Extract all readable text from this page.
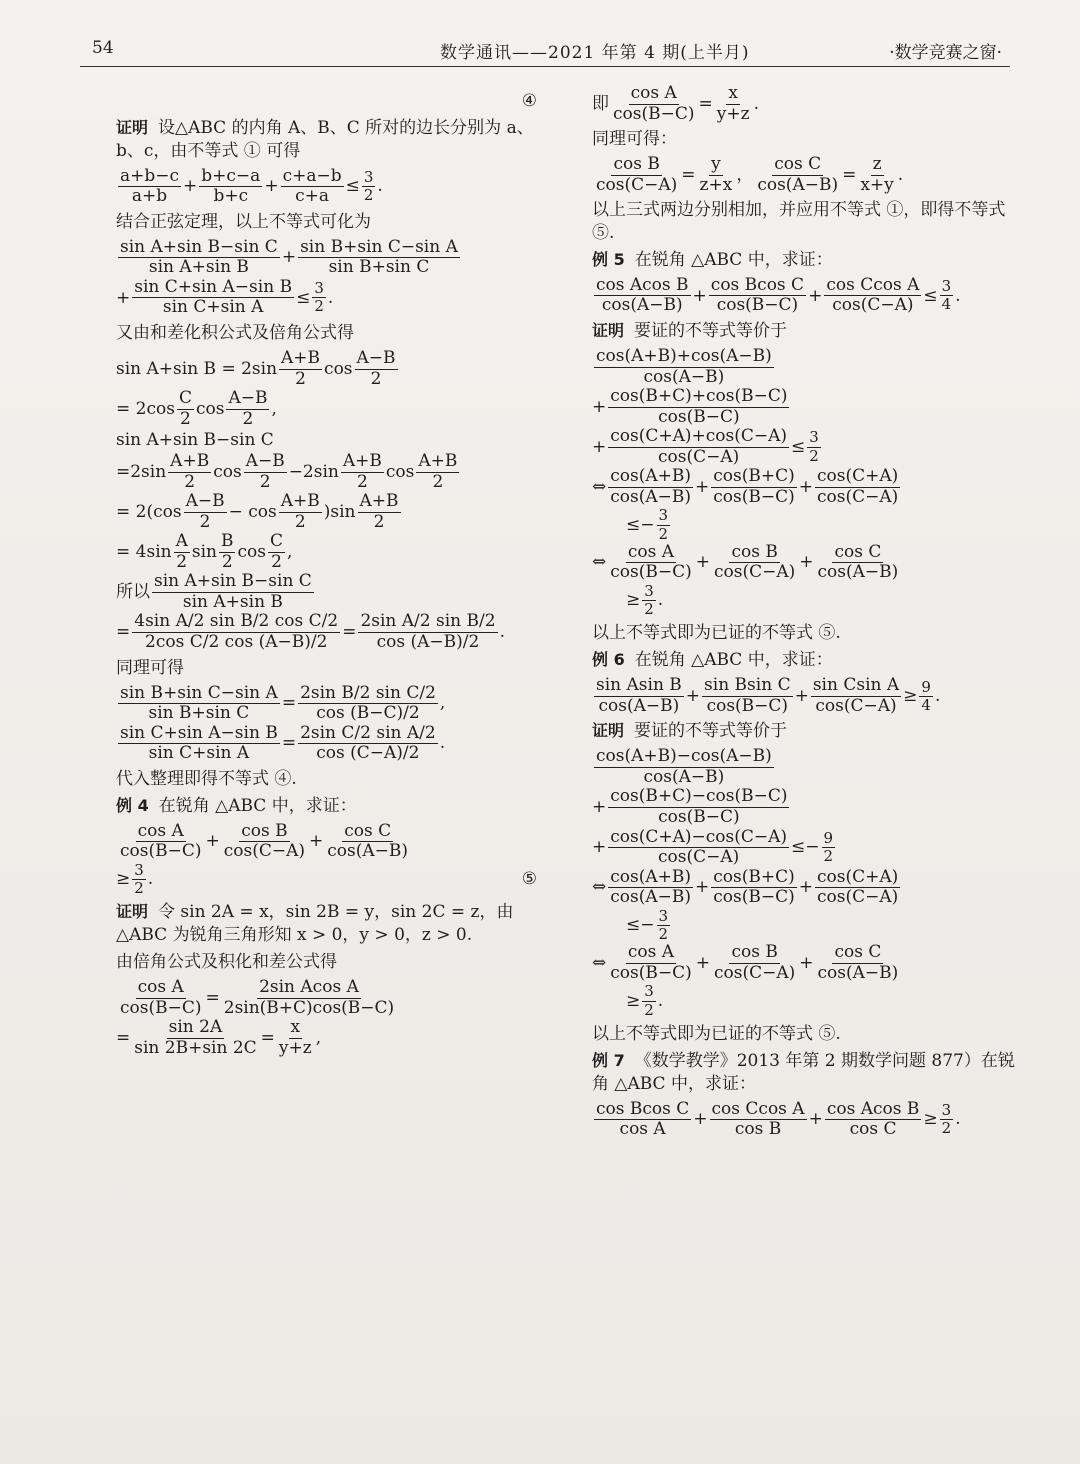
54	数学通讯——2021 年第 4 期(上半月)	·数学竞赛之窗·
④
证明 设△ABC 的内角 A、B、C 所对的边长分别为 a、b、c，由不等式 ① 可得
$\frac{a+b-c}{a+b} + \frac{b+c-a}{b+c} + \frac{c+a-b}{c+a} \le \frac{3}{2}$ .
结合正弦定理，以上不等式可化为
$\frac{\text{sin A+sin B−sin C}}{\text{sin A+sin B}} + \frac{\text{sin B+sin C−sin A}}{\text{sin B+sin C}}$
+ $\frac{\text{sin C+sin A−sin B}}{\text{sin C+sin A}} \le \frac{3}{2}$ .
又由和差化积公式及倍角公式得
sin A+sin $B = 2\sin \frac{A+B}{2}$ $\cos \frac{A-B}{2}$
= $2\cos \frac{C}{2}$ $\cos \frac{A-B}{2}$ ,
sin A+sin B−sin C
$=2\sin \frac{A+B}{2}$ $\cos \frac{A-B}{2} -2\sin \frac{A+B}{2}$ $\cos \frac{A+B}{2}$
= $2(\cos \frac{A-B}{2} - \cos \frac{A+B}{2} )\sin \frac{A+B}{2}$
= $4\sin \frac{A}{2}$ $\sin \frac{B}{2}$ $\cos \frac{C}{2}$ ,
所以 $\frac{\text{sin A+sin B−sin C}}{\text{sin A+sin B}}$
= $\frac{\text{4sin A/2 sin B/2 cos C/2}}{\text{2cos C/2 cos (A−B)/2}} = \frac{\text{2sin A/2 sin B/2}}{\cos (A-B)/2}$ .
同理可得
$\frac{\text{sin B+sin C−sin A}}{\text{sin B+sin C}} = \frac{\text{2sin B/2 sin C/2}}{\cos (B-C)/2}$ ,
$\frac{\text{sin C+sin A−sin B}}{\text{sin C+sin A}} = \frac{\text{2sin C/2 sin A/2}}{\cos (C-A)/2}$ .
代入整理即得不等式 ④.
例 4 在锐角 △ABC 中，求证：
$\frac{\text{cos A}}{\cos(B-C)} + \frac{\text{cos B}}{\cos(C-A)} + \frac{\text{cos C}}{\cos(A-B)}$
≥ $\frac{3}{2}$ .	⑤
证明 令 sin 2A = x，sin 2B = y，sin 2C = z，由 △ABC 为锐角三角形知 x > 0，y > 0，z > 0.
由倍角公式及积化和差公式得
$\frac{\text{cos A}}{\cos(B-C)} = \frac{\text{2sin Acos A}}{2\sin(B+C)\cos(B-C)}$
= $\frac{\sin 2A}{\sin 2B+\sin 2C} = \frac{x}{y+z}$ ,
即 $\frac{\text{cos A}}{\cos(B-C)} = \frac{x}{y+z}$ .
同理可得：
$\frac{\text{cos B}}{\cos(C-A)} = \frac{y}{z+x}$ ， $\frac{\text{cos C}}{\cos(A-B)} = \frac{z}{x+y}$ .
以上三式两边分别相加，并应用不等式 ①，即得不等式 ⑤.
例 5 在锐角 △ABC 中，求证：
$\frac{\text{cos Acos B}}{\cos(A-B)} + \frac{\text{cos Bcos C}}{\cos(B-C)} + \frac{\text{cos Ccos A}}{\cos(C-A)} \le \frac{3}{4}$ .
证明 要证的不等式等价于
$\frac{\cos(A+B)+\cos(A-B)}{\cos(A-B)}$
+ $\frac{\cos(B+C)+\cos(B-C)}{\cos(B-C)}$
+ $\frac{\cos(C+A)+\cos(C-A)}{\cos(C-A)} \le \frac{3}{2}$
⇔ $\frac{\cos(A+B)}{\cos(A-B)} + \frac{\cos(B+C)}{\cos(B-C)} + \frac{\cos(C+A)}{\cos(C-A)}$
≤− $\frac{3}{2}$
⇔ $\frac{\text{cos A}}{\cos(B-C)} + \frac{\text{cos B}}{\cos(C-A)} + \frac{\text{cos C}}{\cos(A-B)}$
≥ $\frac{3}{2}$ .
以上不等式即为已证的不等式 ⑤.
例 6 在锐角 △ABC 中，求证：
$\frac{\text{sin Asin B}}{\cos(A-B)} + \frac{\text{sin Bsin C}}{\cos(B-C)} + \frac{\text{sin Csin A}}{\cos(C-A)} \ge \frac{9}{4}$ .
证明 要证的不等式等价于
$\frac{\cos(A+B)-\cos(A-B)}{\cos(A-B)}$
+ $\frac{\cos(B+C)-\cos(B-C)}{\cos(B-C)}$
+ $\frac{\cos(C+A)-\cos(C-A)}{\cos(C-A)} \le- \frac{9}{2}$
⇔ $\frac{\cos(A+B)}{\cos(A-B)} + \frac{\cos(B+C)}{\cos(B-C)} + \frac{\cos(C+A)}{\cos(C-A)}$
≤− $\frac{3}{2}$
⇔ $\frac{\text{cos A}}{\cos(B-C)} + \frac{\text{cos B}}{\cos(C-A)} + \frac{\text{cos C}}{\cos(A-B)}$
≥ $\frac{3}{2}$ .
以上不等式即为已证的不等式 ⑤.
例 7 《数学教学》2013 年第 2 期数学问题 877）在锐角 △ABC 中，求证：
$\frac{\text{cos Bcos C}}{\text{cos A}} + \frac{\text{cos Ccos A}}{\text{cos B}} + \frac{\text{cos Acos B}}{\text{cos C}} \ge \frac{3}{2}$ .
